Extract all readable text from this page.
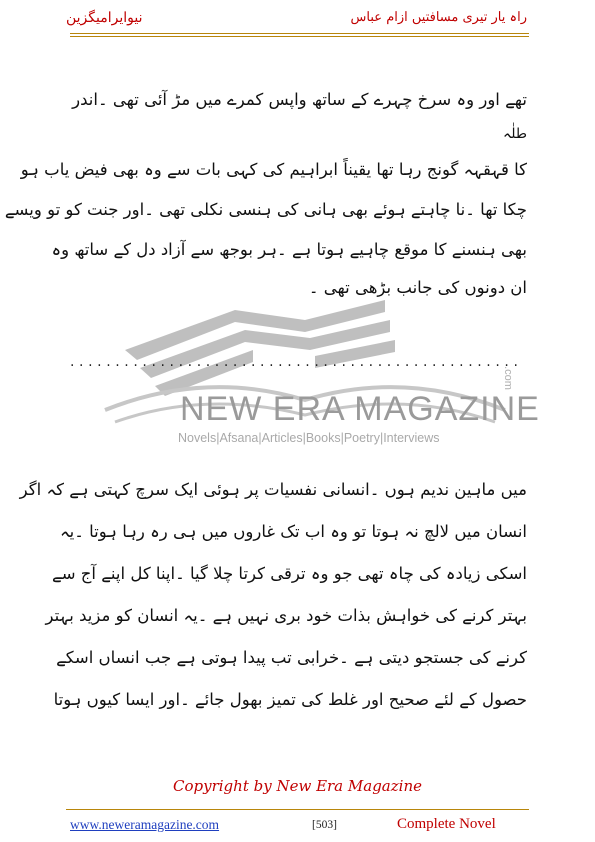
نیوایرامیگزین	راہ یار تیری مسافتیں ازام عباس
NEW ERA MAGAZINE
Novels|Afsana|Articles|Books|Poetry|Interviews
.com
تھے اور وہ سرخ چہرے کے ساتھ واپس کمرے میں مڑ آئی تھی ۔اندر
طلٰہ
کا قہقہہ گونج رہا تھا یقیناً ابراہیم کی کہی بات سے وہ بھی فیض یاب ہو
چکا تھا ۔نا چاہتے ہوئے بھی ہانی کی ہنسی نکلی تھی ۔اور جنت کو تو ویسے
بھی ہنسنے کا موقع چاہیے ہوتا ہے ۔ہر بوجھ سے آزاد دل کے ساتھ وہ
ان دونوں کی جانب بڑھی تھی ۔
..................................................
میں ماہین ندیم ہوں ۔انسانی نفسیات پر ہوئی ایک سرچ کہتی ہے کہ اگر
انسان میں لالچ نہ ہوتا تو وہ اب تک غاروں میں ہی رہ رہا ہوتا ۔یہ
اسکی زیادہ کی چاہ تھی جو وہ ترقی کرتا چلا گیا ۔اپنا کل اپنے آج سے
بہتر کرنے کی خواہش بذات خود بری نہیں ہے ۔یہ انسان کو مزید بہتر
کرنے کی جستجو دیتی ہے ۔خرابی تب پیدا ہوتی ہے جب انساں اسکے
حصول کے لئے صحیح اور غلط کی تمیز بھول جائے ۔اور ایسا کیوں ہوتا
Copyright by New Era Magazine
www.neweramagazine.com	[503]	Complete Novel
